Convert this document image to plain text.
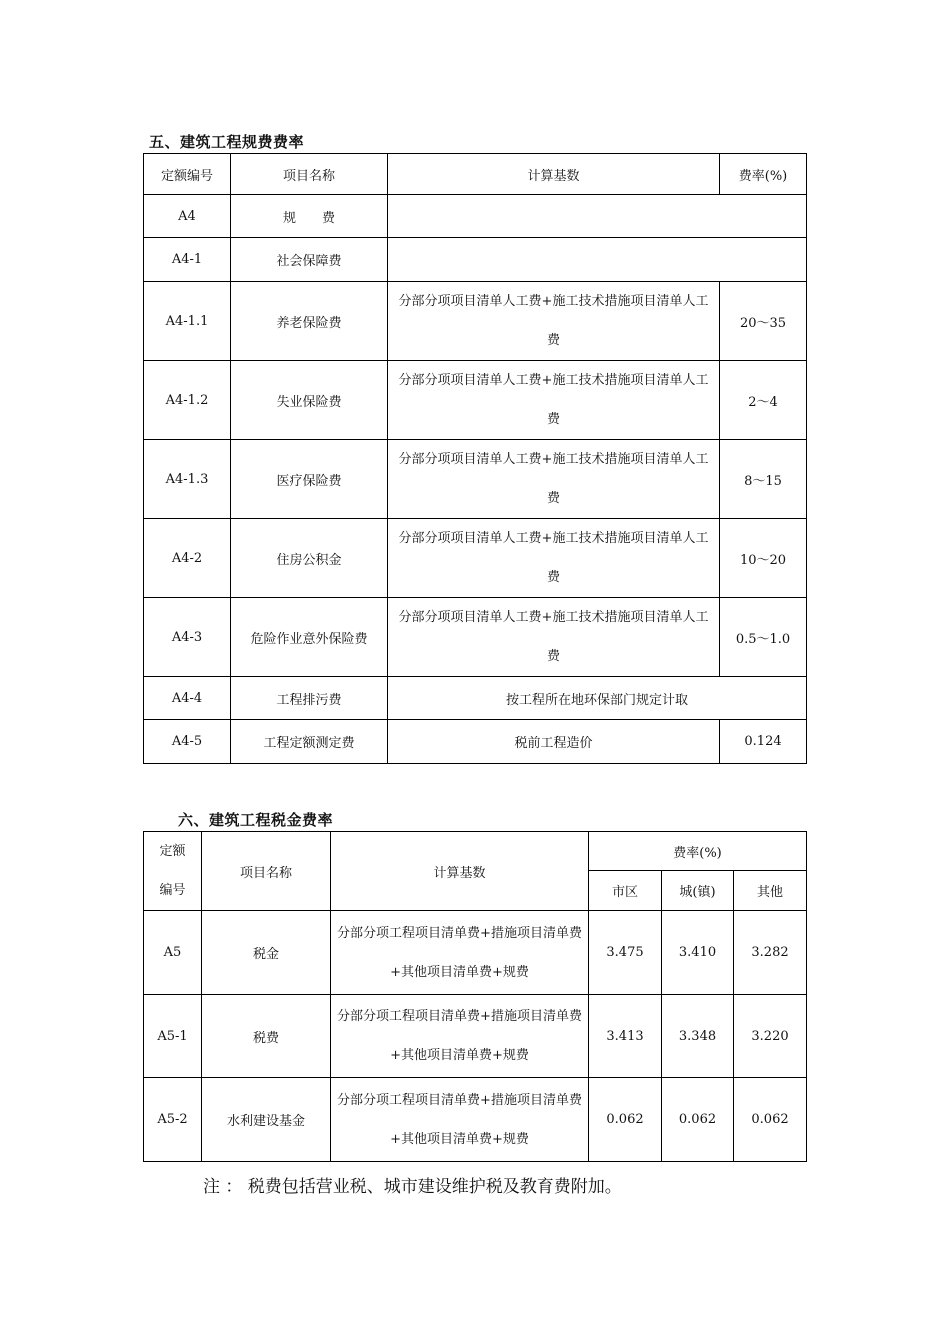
五、建筑工程规费费率
定额编号	项目名称	计算基数	费率(%)
A4	规　　费		
A4-1	社会保障费		
A4-1.1	养老保险费	分部分项项目清单人工费+施工技术措施项目清单人工费	20～35
A4-1.2	失业保险费	分部分项项目清单人工费+施工技术措施项目清单人工费	2～4
A4-1.3	医疗保险费	分部分项项目清单人工费+施工技术措施项目清单人工费	8～15
A4-2	住房公积金	分部分项项目清单人工费+施工技术措施项目清单人工费	10～20
A4-3	危险作业意外保险费	分部分项项目清单人工费+施工技术措施项目清单人工费	0.5～1.0
A4-4	工程排污费	按工程所在地环保部门规定计取	
A4-5	工程定额测定费	税前工程造价	0.124
六、建筑工程税金费率
定额
编号	项目名称	计算基数	费率(%)		
			市区	城(镇)	其他
A5	税金	分部分项工程项目清单费+措施项目清单费+其他项目清单费+规费	3.475	3.410	3.282
A5-1	税费	分部分项工程项目清单费+措施项目清单费+其他项目清单费+规费	3.413	3.348	3.220
A5-2	水利建设基金	分部分项工程项目清单费+措施项目清单费+其他项目清单费+规费	0.062	0.062	0.062
注 ： 税费包括营业税、城市建设维护税及教育费附加。
